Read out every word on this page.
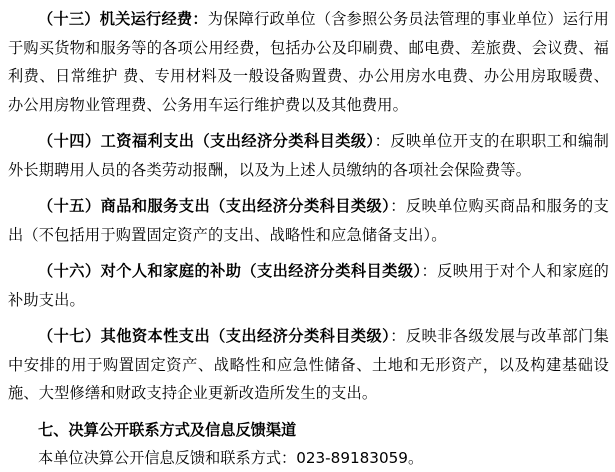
（十三）机关运行经费：为保障行政单位（含参照公务员法管理的事业单位）运行用于购买货物和服务等的各项公用经费，包括办公及印刷费、邮电费、差旅费、会议费、福利费、日常维护 费、专用材料及一般设备购置费、办公用房水电费、办公用房取暖费、办公用房物业管理费、公务用车运行维护费以及其他费用。

（十四）工资福利支出（支出经济分类科目类级）：反映单位开支的在职职工和编制外长期聘用人员的各类劳动报酬，以及为上述人员缴纳的各项社会保险费等。

（十五）商品和服务支出（支出经济分类科目类级）：反映单位购买商品和服务的支出（不包括用于购置固定资产的支出、战略性和应急储备支出）。

（十六）对个人和家庭的补助（支出经济分类科目类级）：反映用于对个人和家庭的补助支出。

（十七）其他资本性支出（支出经济分类科目类级）：反映非各级发展与改革部门集中安排的用于购置固定资产、战略性和应急性储备、土地和无形资产，以及构建基础设施、大型修缮和财政支持企业更新改造所发生的支出。

七、决算公开联系方式及信息反馈渠道

本单位决算公开信息反馈和联系方式：023-89183059。
